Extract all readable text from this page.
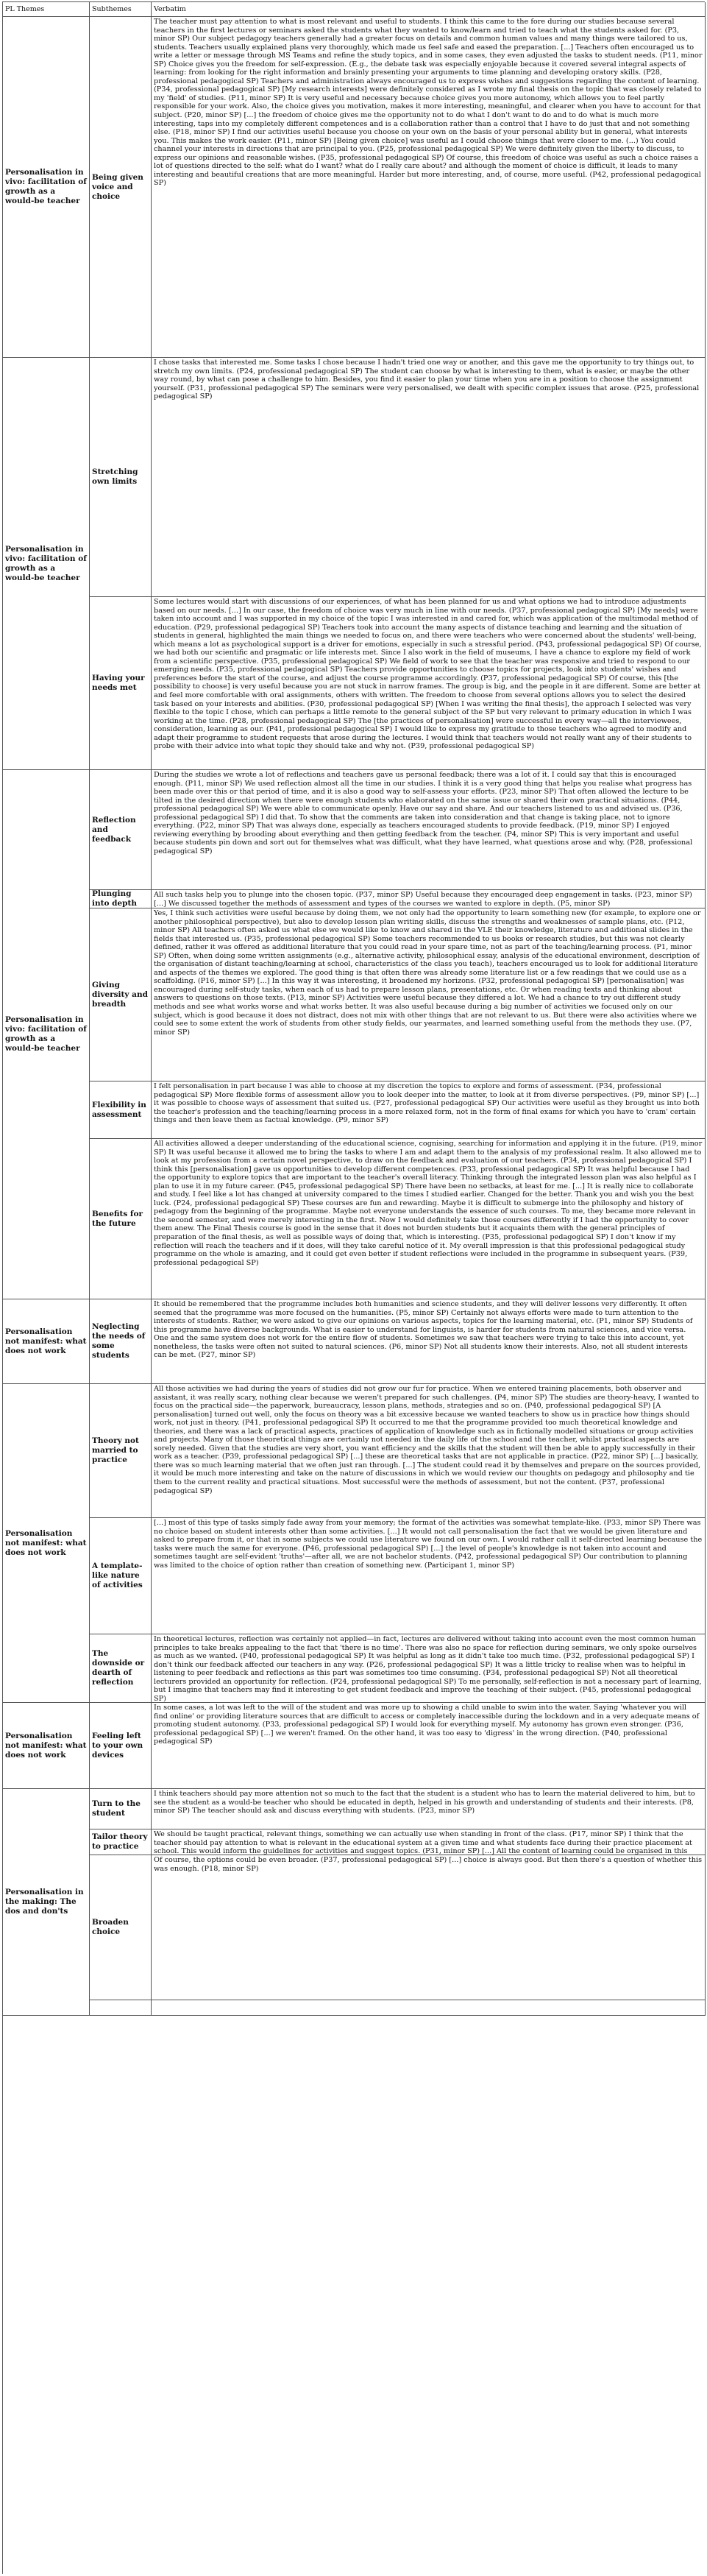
PL Themes	Subthemes	Verbatim
Personalisation in vivo: facilitation of growth as a would-be teacher
Personalisation in vivo: facilitation of growth as a would-be teacher
Personalisation in vivo: facilitation of growth as a would-be teacher
Personalisation not manifest: what does not work
Personalisation not manifest: what does not work
Personalisation not manifest: what does not work
Personalisation in the making: The dos and don'ts
Being given voice and choice
The teacher must pay attention to what is most relevant and useful to students. I think this came to the fore during our studies because several teachers in the first lectures or seminars asked the students what they wanted to know/learn and tried to teach what the students asked for. (P3, minor SP) Our subject pedagogy teachers generally had a greater focus on details and common human values and many things were tailored to us, students. Teachers usually explained plans very thoroughly, which made us feel safe and eased the preparation. [...] Teachers often encouraged us to write a letter or message through MS Teams and refine the study topics, and in some cases, they even adjusted the tasks to student needs. (P11, minor SP) Choice gives you the freedom for self-expression. (E.g., the debate task was especially enjoyable because it covered several integral aspects of learning: from looking for the right information and brainly presenting your arguments to time planning and developing oratory skills. (P28, professional pedagogical SP) Teachers and administration always encouraged us to express wishes and suggestions regarding the content of learning. (P34, professional pedagogical SP) [My research interests] were definitely considered as I wrote my final thesis on the topic that was closely related to my 'field' of studies. (P11, minor SP) It is very useful and necessary because choice gives you more autonomy, which allows you to feel partly responsible for your work. Also, the choice gives you motivation, makes it more interesting, meaningful, and clearer when you have to account for that subject. (P20, minor SP) [...] the freedom of choice gives me the opportunity not to do what I don't want to do and to do what is much more interesting, taps into my completely different competences and is a collaboration rather than a control that I have to do just that and not something else. (P18, minor SP) I find our activities useful because you choose on your own on the basis of your personal ability but in general, what interests you. This makes the work easier. (P11, minor SP) [Being given choice] was useful as I could choose things that were closer to me. (...) You could channel your interests in directions that are principal to you. (P25, professional pedagogical SP) We were definitely given the liberty to discuss, to express our opinions and reasonable wishes. (P35, professional pedagogical SP) Of course, this freedom of choice was useful as such a choice raises a lot of questions directed to the self: what do I want? what do I really care about? and although the moment of choice is difficult, it leads to many interesting and beautiful creations that are more meaningful. Harder but more interesting, and, of course, more useful. (P42, professional pedagogical SP)
Stretching own limits
I chose tasks that interested me. Some tasks I chose because I hadn't tried one way or another, and this gave me the opportunity to try things out, to stretch my own limits. (P24, professional pedagogical SP) The student can choose by what is interesting to them, what is easier, or maybe the other way round, by what can pose a challenge to him. Besides, you find it easier to plan your time when you are in a position to choose the assignment yourself. (P31, professional pedagogical SP) The seminars were very personalised, we dealt with specific complex issues that arose. (P25, professional pedagogical SP)
Having your needs met
Some lectures would start with discussions of our experiences, of what has been planned for us and what options we had to introduce adjustments based on our needs. [...] In our case, the freedom of choice was very much in line with our needs. (P37, professional pedagogical SP) [My needs] were taken into account and I was supported in my choice of the topic I was interested in and cared for, which was application of the multimodal method of education. (P29, professional pedagogical SP) Teachers took into account the many aspects of distance teaching and learning and the situation of students in general, highlighted the main things we needed to focus on, and there were teachers who were concerned about the students' well-being, which means a lot as psychological support is a driver for emotions, especially in such a stressful period. (P43, professional pedagogical SP) Of course, we had both our scientific and pragmatic or life interests met. Since I also work in the field of museums, I have a chance to explore my field of work from a scientific perspective. (P35, professional pedagogical SP) We field of work to see that the teacher was responsive and tried to respond to our emerging needs. (P35, professional pedagogical SP) Teachers provide opportunities to choose topics for projects, look into students' wishes and preferences before the start of the course, and adjust the course programme accordingly. (P37, professional pedagogical SP) Of course, this [the possibility to choose] is very useful because you are not stuck in narrow frames. The group is big, and the people in it are different. Some are better at and feel more comfortable with oral assignments, others with written. The freedom to choose from several options allows you to select the desired task based on your interests and abilities. (P30, professional pedagogical SP) [When I was writing the final thesis], the approach I selected was very flexible to the topic I chose, which can perhaps a little remote to the general subject of the SP but very relevant to primary education in which I was working at the time. (P28, professional pedagogical SP) The [the practices of personalisation] were successful in every way—all the interviewees, consideration, learning as our. (P41, professional pedagogical SP) I would like to express my gratitude to those teachers who agreed to modify and adapt their programme to student requests that arose during the lectures. I would think that teachers would not really want any of their students to probe with their advice into what topic they should take and why not. (P39, professional pedagogical SP)
Reflection and feedback
During the studies we wrote a lot of reflections and teachers gave us personal feedback; there was a lot of it. I could say that this is encouraged enough. (P11, minor SP) We used reflection almost all the time in our studies. I think it is a very good thing that helps you realise what progress has been made over this or that period of time, and it is also a good way to self-assess your efforts. (P23, minor SP) That often allowed the lecture to be tilted in the desired direction when there were enough students who elaborated on the same issue or shared their own practical situations. (P44, professional pedagogical SP) We were able to communicate openly. Have our say and share. And our teachers listened to us and advised us. (P36, professional pedagogical SP) I did that. To show that the comments are taken into consideration and that change is taking place, not to ignore everything. (P22, minor SP) That was always done, especially as teachers encouraged students to provide feedback. (P19, minor SP) I enjoyed reviewing everything by brooding about everything and then getting feedback from the teacher. (P4, minor SP) This is very important and useful because students pin down and sort out for themselves what was difficult, what they have learned, what questions arose and why. (P28, professional pedagogical SP)
Plunging into depth
All such tasks help you to plunge into the chosen topic. (P37, minor SP) Useful because they encouraged deep engagement in tasks. (P23, minor SP) [...] We discussed together the methods of assessment and types of the courses we wanted to explore in depth. (P5, minor SP)
Giving diversity and breadth
Yes, I think such activities were useful because by doing them, we not only had the opportunity to learn something new (for example, to explore one or another philosophical perspective), but also to develop lesson plan writing skills, discuss the strengths and weaknesses of sample plans, etc. (P12, minor SP) All teachers often asked us what else we would like to know and shared in the VLE their knowledge, literature and additional slides in the fields that interested us. (P35, professional pedagogical SP) Some teachers recommended to us books or research studies, but this was not clearly defined, rather it was offered as additional literature that you could read in your spare time, not as part of the teaching/learning process. (P1, minor SP) Often, when doing some written assignments (e.g., alternative activity, philosophical essay, analysis of the educational environment, description of the organisation of distant teaching/learning at school, characteristics of the class you teach), teachers encouraged us to look for additional literature and aspects of the themes we explored. The good thing is that often there was already some literature list or a few readings that we could use as a scaffolding. (P16, minor SP) [...] In this way it was interesting, it broadened my horizons. (P32, professional pedagogical SP) [personalisation] was encouraged during self-study tasks, when each of us had to prepare lesson plans, presentations, etc. Or when reading texts and thinking about answers to questions on those texts. (P13, minor SP) Activities were useful because they differed a lot. We had a chance to try out different study methods and see what works worse and what works better. It was also useful because during a big number of activities we focused only on our subject, which is good because it does not distract, does not mix with other things that are not relevant to us. But there were also activities where we could see to some extent the work of students from other study fields, our yearmates, and learned something useful from the methods they use. (P7, minor SP)
Flexibility in assessment
I felt personalisation in part because I was able to choose at my discretion the topics to explore and forms of assessment. (P34, professional pedagogical SP) More flexible forms of assessment allow you to look deeper into the matter, to look at it from diverse perspectives. (P9, minor SP) [...] it was possible to choose ways of assessment that suited us. (P27, professional pedagogical SP) Our activities were useful as they brought us into both the teacher's profession and the teaching/learning process in a more relaxed form, not in the form of final exams for which you have to 'cram' certain things and then leave them as factual knowledge. (P9, minor SP)
Benefits for the future
All activities allowed a deeper understanding of the educational science, cognising, searching for information and applying it in the future. (P19, minor SP) It was useful because it allowed me to bring the tasks to where I am and adapt them to the analysis of my professional realm. It also allowed me to look at my profession from a certain novel perspective, to draw on the feedback and evaluation of our teachers. (P34, professional pedagogical SP) I think this [personalisation] gave us opportunities to develop different competences. (P33, professional pedagogical SP) It was helpful because I had the opportunity to explore topics that are important to the teacher's overall literacy. Thinking through the integrated lesson plan was also helpful as I plan to use it in my future career. (P45, professional pedagogical SP) There have been no setbacks, at least for me. [...] It is really nice to collaborate and study. I feel like a lot has changed at university compared to the times I studied earlier. Changed for the better. Thank you and wish you the best luck. (P24, professional pedagogical SP) These courses are fun and rewarding. Maybe it is difficult to submerge into the philosophy and history of pedagogy from the beginning of the programme. Maybe not everyone understands the essence of such courses. To me, they became more relevant in the second semester, and were merely interesting in the first. Now I would definitely take those courses differently if I had the opportunity to cover them anew. The Final Thesis course is good in the sense that it does not burden students but it acquaints them with the general principles of preparation of the final thesis, as well as possible ways of doing that, which is interesting. (P35, professional pedagogical SP) I don't know if my reflection will reach the teachers and if it does, will they take careful notice of it. My overall impression is that this professional pedagogical study programme on the whole is amazing, and it could get even better if student reflections were included in the programme in subsequent years. (P39, professional pedagogical SP)
Neglecting the needs of some students
It should be remembered that the programme includes both humanities and science students, and they will deliver lessons very differently. It often seemed that the programme was more focused on the humanities. (P5, minor SP) Certainly not always efforts were made to turn attention to the interests of students. Rather, we were asked to give our opinions on various aspects, topics for the learning material, etc. (P1, minor SP) Students of this programme have diverse backgrounds. What is easier to understand for linguists, is harder for students from natural sciences, and vice versa. One and the same system does not work for the entire flow of students. Sometimes we saw that teachers were trying to take this into account, yet nonetheless, the tasks were often not suited to natural sciences. (P6, minor SP) Not all students know their interests. Also, not all student interests can be met. (P27, minor SP)
Theory not married to practice
All those activities we had during the years of studies did not grow our fur for practice. When we entered training placements, both observer and assistant, it was really scary, nothing clear because we weren't prepared for such challenges. (P4, minor SP) The studies are theory-heavy, I wanted to focus on the practical side—the paperwork, bureaucracy, lesson plans, methods, strategies and so on. (P40, professional pedagogical SP) [A personalisation] turned out well, only the focus on theory was a bit excessive because we wanted teachers to show us in practice how things should work, not just in theory. (P41, professional pedagogical SP) It occurred to me that the programme provided too much theoretical knowledge and theories, and there was a lack of practical aspects, practices of application of knowledge such as in fictionally modelled situations or group activities and projects. Many of those theoretical things are certainly not needed in the daily life of the school and the teacher, whilst practical aspects are sorely needed. Given that the studies are very short, you want efficiency and the skills that the student will then be able to apply successfully in their work as a teacher. (P39, professional pedagogical SP) [...] these are theoretical tasks that are not applicable in practice. (P22, minor SP) [...] basically, there was so much learning material that we often just ran through. [...] The student could read it by themselves and prepare on the sources provided, it would be much more interesting and take on the nature of discussions in which we would review our thoughts on pedagogy and philosophy and tie them to the current reality and practical situations. Most successful were the methods of assessment, but not the content. (P37, professional pedagogical SP)
A template-like nature of activities
[...] most of this type of tasks simply fade away from your memory; the format of the activities was somewhat template-like. (P33, minor SP) There was no choice based on student interests other than some activities. [...] It would not call personalisation the fact that we would be given literature and asked to prepare from it, or that in some subjects we could use literature we found on our own. I would rather call it self-directed learning because the tasks were much the same for everyone. (P46, professional pedagogical SP) [...] the level of people's knowledge is not taken into account and sometimes taught are self-evident 'truths'—after all, we are not bachelor students. (P42, professional pedagogical SP) Our contribution to planning was limited to the choice of option rather than creation of something new. (Participant 1, minor SP)
The downside or dearth of reflection
In theoretical lectures, reflection was certainly not applied—in fact, lectures are delivered without taking into account even the most common human principles to take breaks appealing to the fact that 'there is no time'. There was also no space for reflection during seminars, we only spoke ourselves as much as we wanted. (P40, professional pedagogical SP) It was helpful as long as it didn't take too much time. (P32, professional pedagogical SP) I don't think our feedback affected our teachers in any way. (P26, professional pedagogical SP) It was a little tricky to realise when was to helpful in listening to peer feedback and reflections as this part was sometimes too time consuming. (P34, professional pedagogical SP) Not all theoretical lecturers provided an opportunity for reflection. (P24, professional pedagogical SP) To me personally, self-reflection is not a necessary part of learning, but I imagine that teachers may find it interesting to get student feedback and improve the teaching of their subject. (P45, professional pedagogical SP)
Feeling left to your own devices
In some cases, a lot was left to the will of the student and was more up to showing a child unable to swim into the water. Saying 'whatever you will find online' or providing literature sources that are difficult to access or completely inaccessible during the lockdown and in a very adequate means of promoting student autonomy. (P33, professional pedagogical SP) I would look for everything myself. My autonomy has grown even stronger. (P36, professional pedagogical SP) [...] we weren't framed. On the other hand, it was too easy to 'digress' in the wrong direction. (P40, professional pedagogical SP)
Turn to the student
I think teachers should pay more attention not so much to the fact that the student is a student who has to learn the material delivered to him, but to see the student as a would-be teacher who should be educated in depth, helped in his growth and understanding of students and their interests. (P8, minor SP) The teacher should ask and discuss everything with students. (P23, minor SP)
Tailor theory to practice
We should be taught practical, relevant things, something we can actually use when standing in front of the class. (P17, minor SP) I think that the teacher should pay attention to what is relevant in the educational system at a given time and what students face during their practice placement at school. This would inform the guidelines for activities and suggest topics. (P31, minor SP) [...] All the content of learning could be organised in this
Broaden choice
Of course, the options could be even broader. (P37, professional pedagogical SP) [...] choice is always good. But then there's a question of whether this was enough. (P18, minor SP)
